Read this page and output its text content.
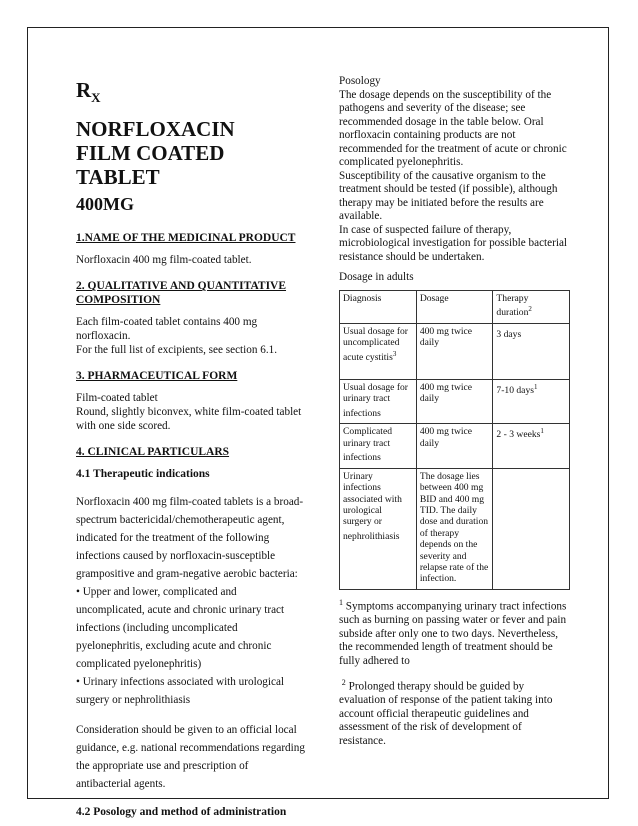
$R_X$
NORFLOXACIN
FILM COATED
TABLET
400MG
1.NAME OF THE MEDICINAL PRODUCT
Norfloxacin 400 mg film-coated tablet.
2. QUALITATIVE AND QUANTITATIVE COMPOSITION
Each film-coated tablet contains 400 mg norfloxacin.
For the full list of excipients, see section 6.1.
3. PHARMACEUTICAL FORM
Film-coated tablet
Round, slightly biconvex, white film-coated tablet with one side scored.
4. CLINICAL PARTICULARS
4.1 Therapeutic indications
Norfloxacin 400 mg film-coated tablets is a broad-spectrum bactericidal/chemotherapeutic agent, indicated for the treatment of the following infections caused by norfloxacin-susceptible grampositive and gram-negative aerobic bacteria:
• Upper and lower, complicated and uncomplicated, acute and chronic urinary tract infections (including uncomplicated pyelonephritis, excluding acute and chronic complicated pyelonephritis)
• Urinary infections associated with urological surgery or nephrolithiasis
Consideration should be given to an official local guidance, e.g. national recommendations regarding the appropriate use and prescription of antibacterial agents.
4.2 Posology and method of administration
Posology
The dosage depends on the susceptibility of the pathogens and severity of the disease; see recommended dosage in the table below. Oral norfloxacin containing products are not recommended for the treatment of acute or chronic complicated pyelonephritis.
Susceptibility of the causative organism to the treatment should be tested (if possible), although therapy may be initiated before the results are available.
In case of suspected failure of therapy, microbiological investigation for possible bacterial resistance should be undertaken.
Dosage in adults
Diagnosis	Dosage	Therapy duration$^2$
Usual dosage for uncomplicated acute cystitis$^3$	400 mg twice daily	3 days
Usual dosage for urinary tract infections	400 mg twice daily	7-10 days$^1$
Complicated urinary tract infections	400 mg twice daily	2 - 3 weeks$^1$
Urinary infections associated with urological surgery or nephrolithiasis	The dosage lies between 400 mg BID and 400 mg TID. The daily dose and duration of therapy depends on the severity and relapse rate of the infection.	
$^1$ Symptoms accompanying urinary tract infections such as burning on passing water or fever and pain subside after only one to two days. Nevertheless, the recommended length of treatment should be fully adhered to
$^2$ Prolonged therapy should be guided by evaluation of response of the patient taking into account official therapeutic guidelines and assessment of the risk of development of resistance.
